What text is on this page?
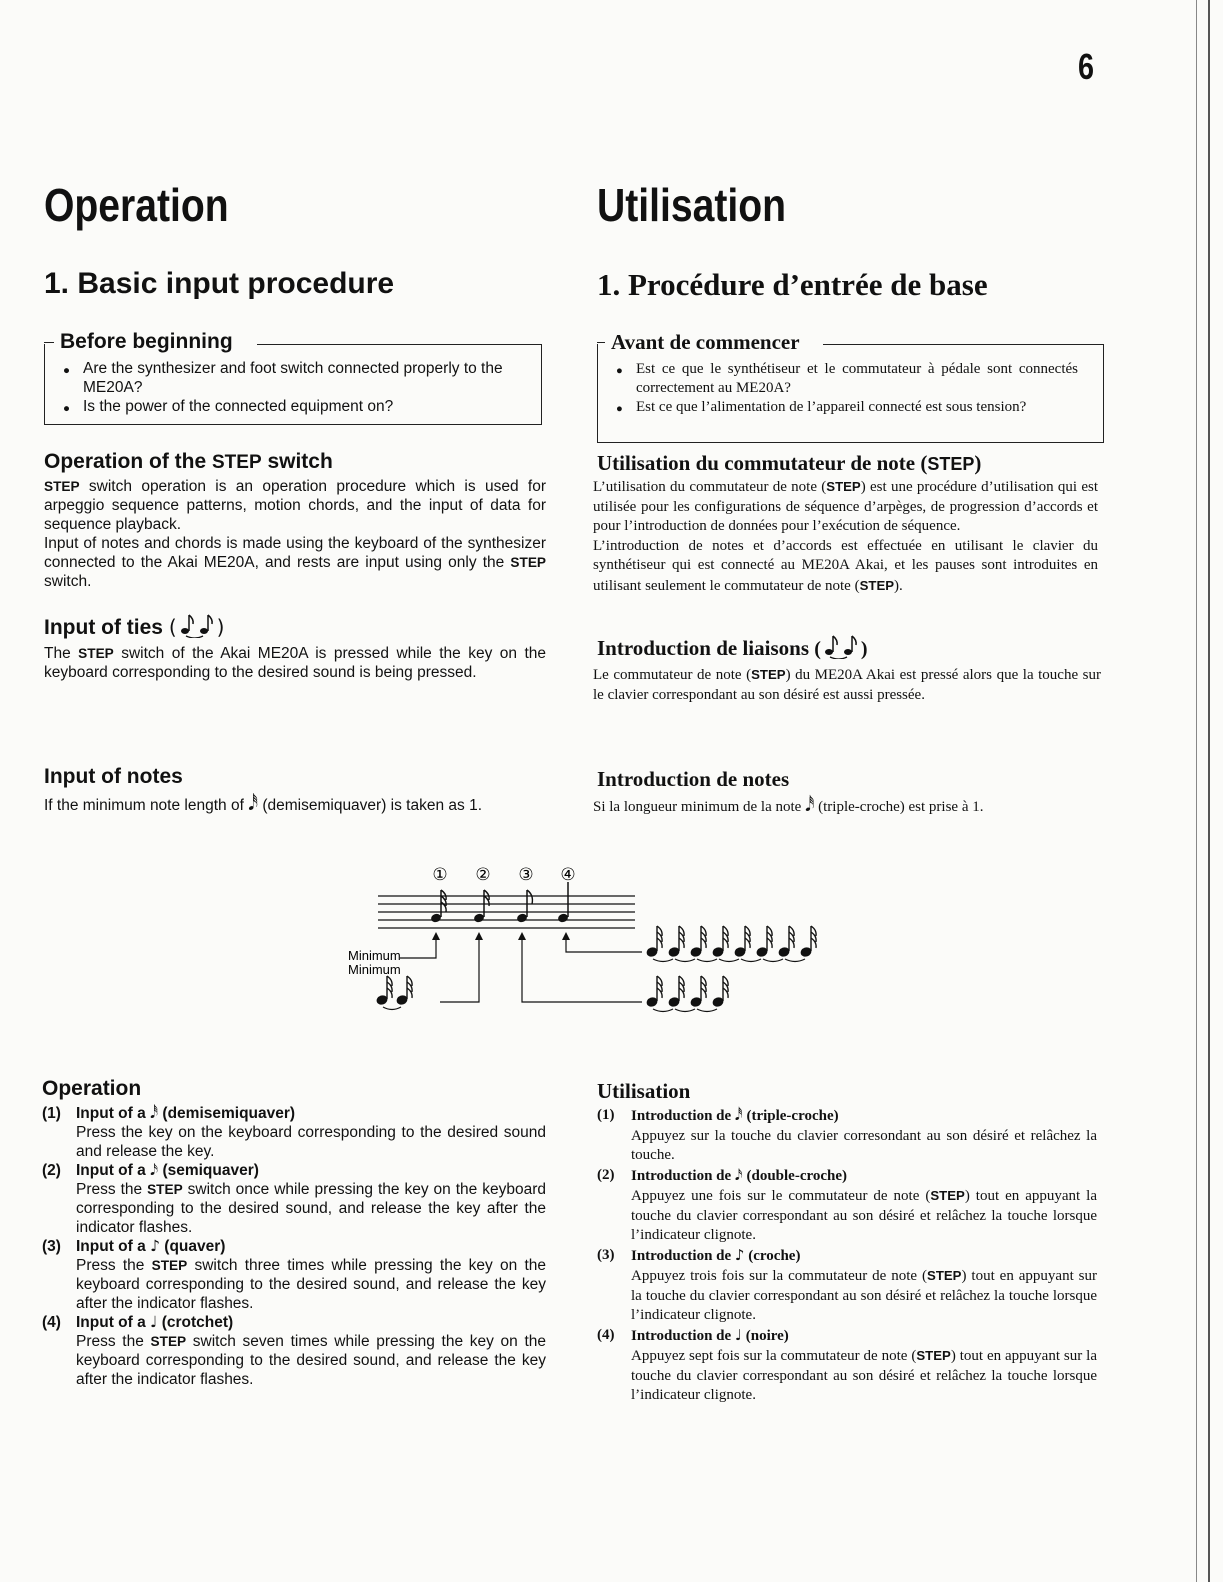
6
Operation	Utilisation
1. Basic input procedure	1. Procédure d’entrée de base
Before beginning
● Are the synthesizer and foot switch connected properly to the ME20A?
● Is the power of the connected equipment on?
Avant de commencer
● Est ce que le synthétiseur et le commutateur à pédale sont connectés correctement au ME20A?
● Est ce que l’alimentation de l’appareil connecté est sous tension?
Operation of the STEP switch
STEP switch operation is an operation procedure which is used for arpeggio sequence patterns, motion chords, and the input of data for sequence playback.
Input of notes and chords is made using the keyboard of the synthesizer connected to the Akai ME20A, and rests are input using only the STEP switch.
Utilisation du commutateur de note (STEP)
L’utilisation du commutateur de note (STEP) est une procédure d’utilisation qui est utilisée pour les configurations de séquence d’arpèges, de progression d’accords et pour l’introduction de données pour l’exécution de séquence.
L’introduction de notes et d’accords est effectuée en utilisant le clavier du synthétiseur qui est connecté au ME20A Akai, et les pauses sont introduites en utilisant seulement le commutateur de note (STEP).
Input of ties ( )
The STEP switch of the Akai ME20A is pressed while the key on the keyboard corresponding to the desired sound is being pressed.
Introduction de liaisons ( )
Le commutateur de note (STEP) du ME20A Akai est pressé alors que la touche sur le clavier correspondant au son désiré est aussi pressée.
Input of notes
If the minimum note length of 𝅘𝅥𝅰 (demisemiquaver) is taken as 1.
Introduction de notes
Si la longueur minimum de la note 𝅘𝅥𝅰 (triple-croche) est prise à 1.
① ② ③ ④
Minimum
Minimum
Operation
(1) Input of a 𝅘𝅥𝅰 (demisemiquaver)
Press the key on the keyboard corresponding to the desired sound and release the key.
(2) Input of a 𝅘𝅥𝅯 (semiquaver)
Press the STEP switch once while pressing the key on the keyboard corresponding to the desired sound, and release the key after the indicator flashes.
(3) Input of a ♪ (quaver)
Press the STEP switch three times while pressing the key on the keyboard corresponding to the desired sound, and release the key after the indicator flashes.
(4) Input of a ♩ (crotchet)
Press the STEP switch seven times while pressing the key on the keyboard corresponding to the desired sound, and release the key after the indicator flashes.
Utilisation
(1)	Introduction de 𝅘𝅥𝅰 (triple-croche)
Appuyez sur la touche du clavier corresondant au son désiré et relâchez la touche.
(2)	Introduction de 𝅘𝅥𝅯 (double-croche)
Appuyez une fois sur le commutateur de note (STEP) tout en appuyant la touche du clavier correspondant au son désiré et relâchez la touche lorsque l’indicateur clignote.
(3)	Introduction de ♪ (croche)
Appuyez trois fois sur la commutateur de note (STEP) tout en appuyant sur la touche du clavier correspondant au son désiré et relâchez la touche lorsque l’indicateur clignote.
(4)	Introduction de ♩ (noire)
Appuyez sept fois sur la commutateur de note (STEP) tout en appuyant sur la touche du clavier correspondant au son désiré et relâchez la touche lorsque l’indicateur clignote.
